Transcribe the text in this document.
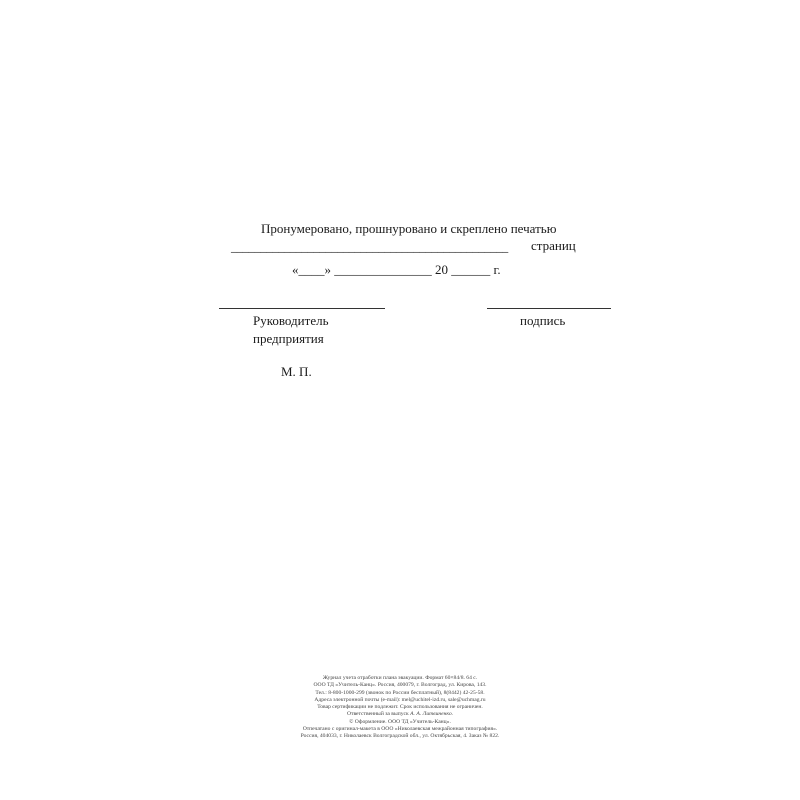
Пронумеровано, прошнуровано и скреплено печатью
_______________________________________________ страниц
«____» _______________ 20 ______ г.
Руководитель
предприятия
подпись
М. П.
Журнал учета отработки плана эвакуации. Формат 60×84/8. 64 с.
ООО ТД «Учитель-Канц». Россия, 400079, г. Волгоград, ул. Кирова, 143.
Тел.: 8-800-1000-299 (звонок по России бесплатный), 8(8442) 42-25-58.
Адреса электронной почты (e-mail): mel@uchitel-izd.ru, sale@uchmag.ru
Товар сертификации не подлежит. Срок использования не ограничен.
Ответственный за выпуск А. А. Литвиненко.
© Оформление. ООО ТД «Учитель-Канц».
Отпечатано с оригинал-макета в ООО «Николаевская межрайонная типография».
Россия, 404033, г. Николаевск Волгоградской обл., ул. Октябрьская, 4. Заказ № 822.
